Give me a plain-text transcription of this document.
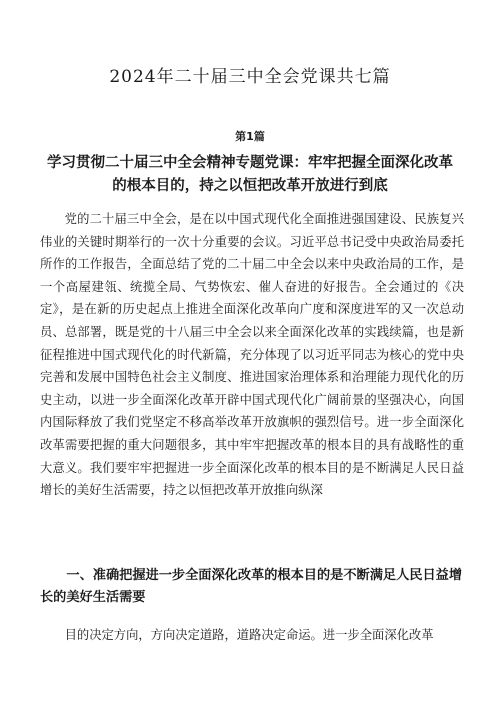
2024年二十届三中全会党课共七篇
第1篇
学习贯彻二十届三中全会精神专题党课：牢牢把握全面深化改革的根本目的，持之以恒把改革开放进行到底

党的二十届三中全会，是在以中国式现代化全面推进强国建设、民族复兴伟业的关键时期举行的一次十分重要的会议。习近平总书记受中央政治局委托所作的工作报告，全面总结了党的二十届二中全会以来中央政治局的工作，是一个高屋建瓴、统揽全局、气势恢宏、催人奋进的好报告。全会通过的《决定》，是在新的历史起点上推进全面深化改革向广度和深度进军的又一次总动员、总部署，既是党的十八届三中全会以来全面深化改革的实践续篇，也是新征程推进中国式现代化的时代新篇，充分体现了以习近平同志为核心的党中央完善和发展中国特色社会主义制度、推进国家治理体系和治理能力现代化的历史主动，以进一步全面深化改革开辟中国式现代化广阔前景的坚强决心，向国内国际释放了我们党坚定不移高举改革开放旗帜的强烈信号。进一步全面深化改革需要把握的重大问题很多，其中牢牢把握改革的根本目的具有战略性的重大意义。我们要牢牢把握进一步全面深化改革的根本目的是不断满足人民日益增长的美好生活需要，持之以恒把改革开放推向纵深

一、准确把握进一步全面深化改革的根本目的是不断满足人民日益增长的美好生活需要

目的决定方向，方向决定道路，道路决定命运。进一步全面深化改革
